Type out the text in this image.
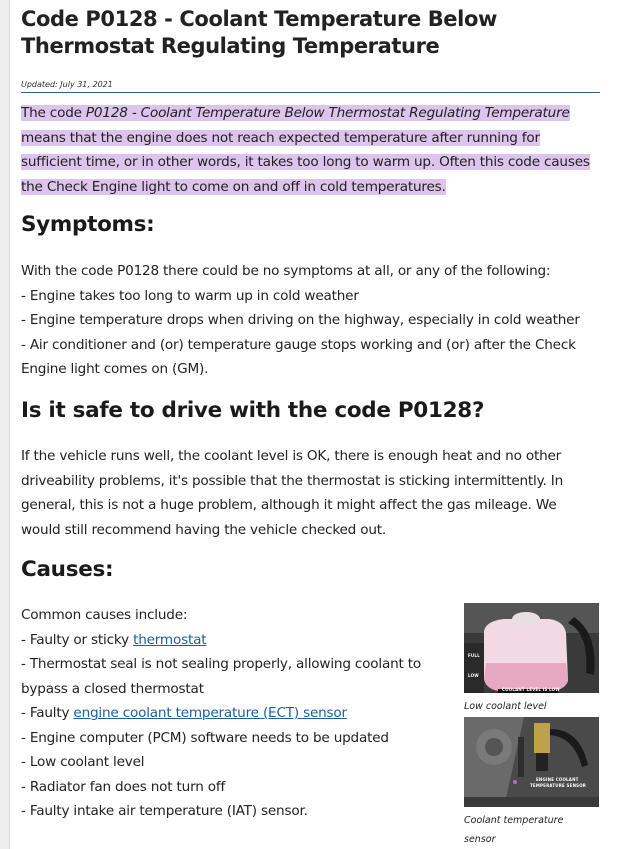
Code P0128 - Coolant Temperature Below Thermostat Regulating Temperature
Updated: July 31, 2021
The code P0128 - Coolant Temperature Below Thermostat Regulating Temperature means that the engine does not reach expected temperature after running for sufficient time, or in other words, it takes too long to warm up. Often this code causes the Check Engine light to come on and off in cold temperatures.
Symptoms:
With the code P0128 there could be no symptoms at all, or any of the following:
- Engine takes too long to warm up in cold weather
- Engine temperature drops when driving on the highway, especially in cold weather
- Air conditioner and (or) temperature gauge stops working and (or) after the Check
Engine light comes on (GM).
Is it safe to drive with the code P0128?
If the vehicle runs well, the coolant level is OK, there is enough heat and no other
driveability problems, it's possible that the thermostat is sticking intermittently. In
general, this is not a huge problem, although it might affect the gas mileage. We
would still recommend having the vehicle checked out.
Causes:
Common causes include:
- Faulty or sticky thermostat
- Thermostat seal is not sealing properly, allowing coolant to
bypass a closed thermostat
- Faulty engine coolant temperature (ECT) sensor
- Engine computer (PCM) software needs to be updated
- Low coolant level
- Radiator fan does not turn off
- Faulty intake air temperature (IAT) sensor.
FULL
LOW
COOLANT LEVEL IS LOW
Low coolant level
ENGINE COOLANT
TEMPERATURE SENSOR
Coolant temperature
sensor
